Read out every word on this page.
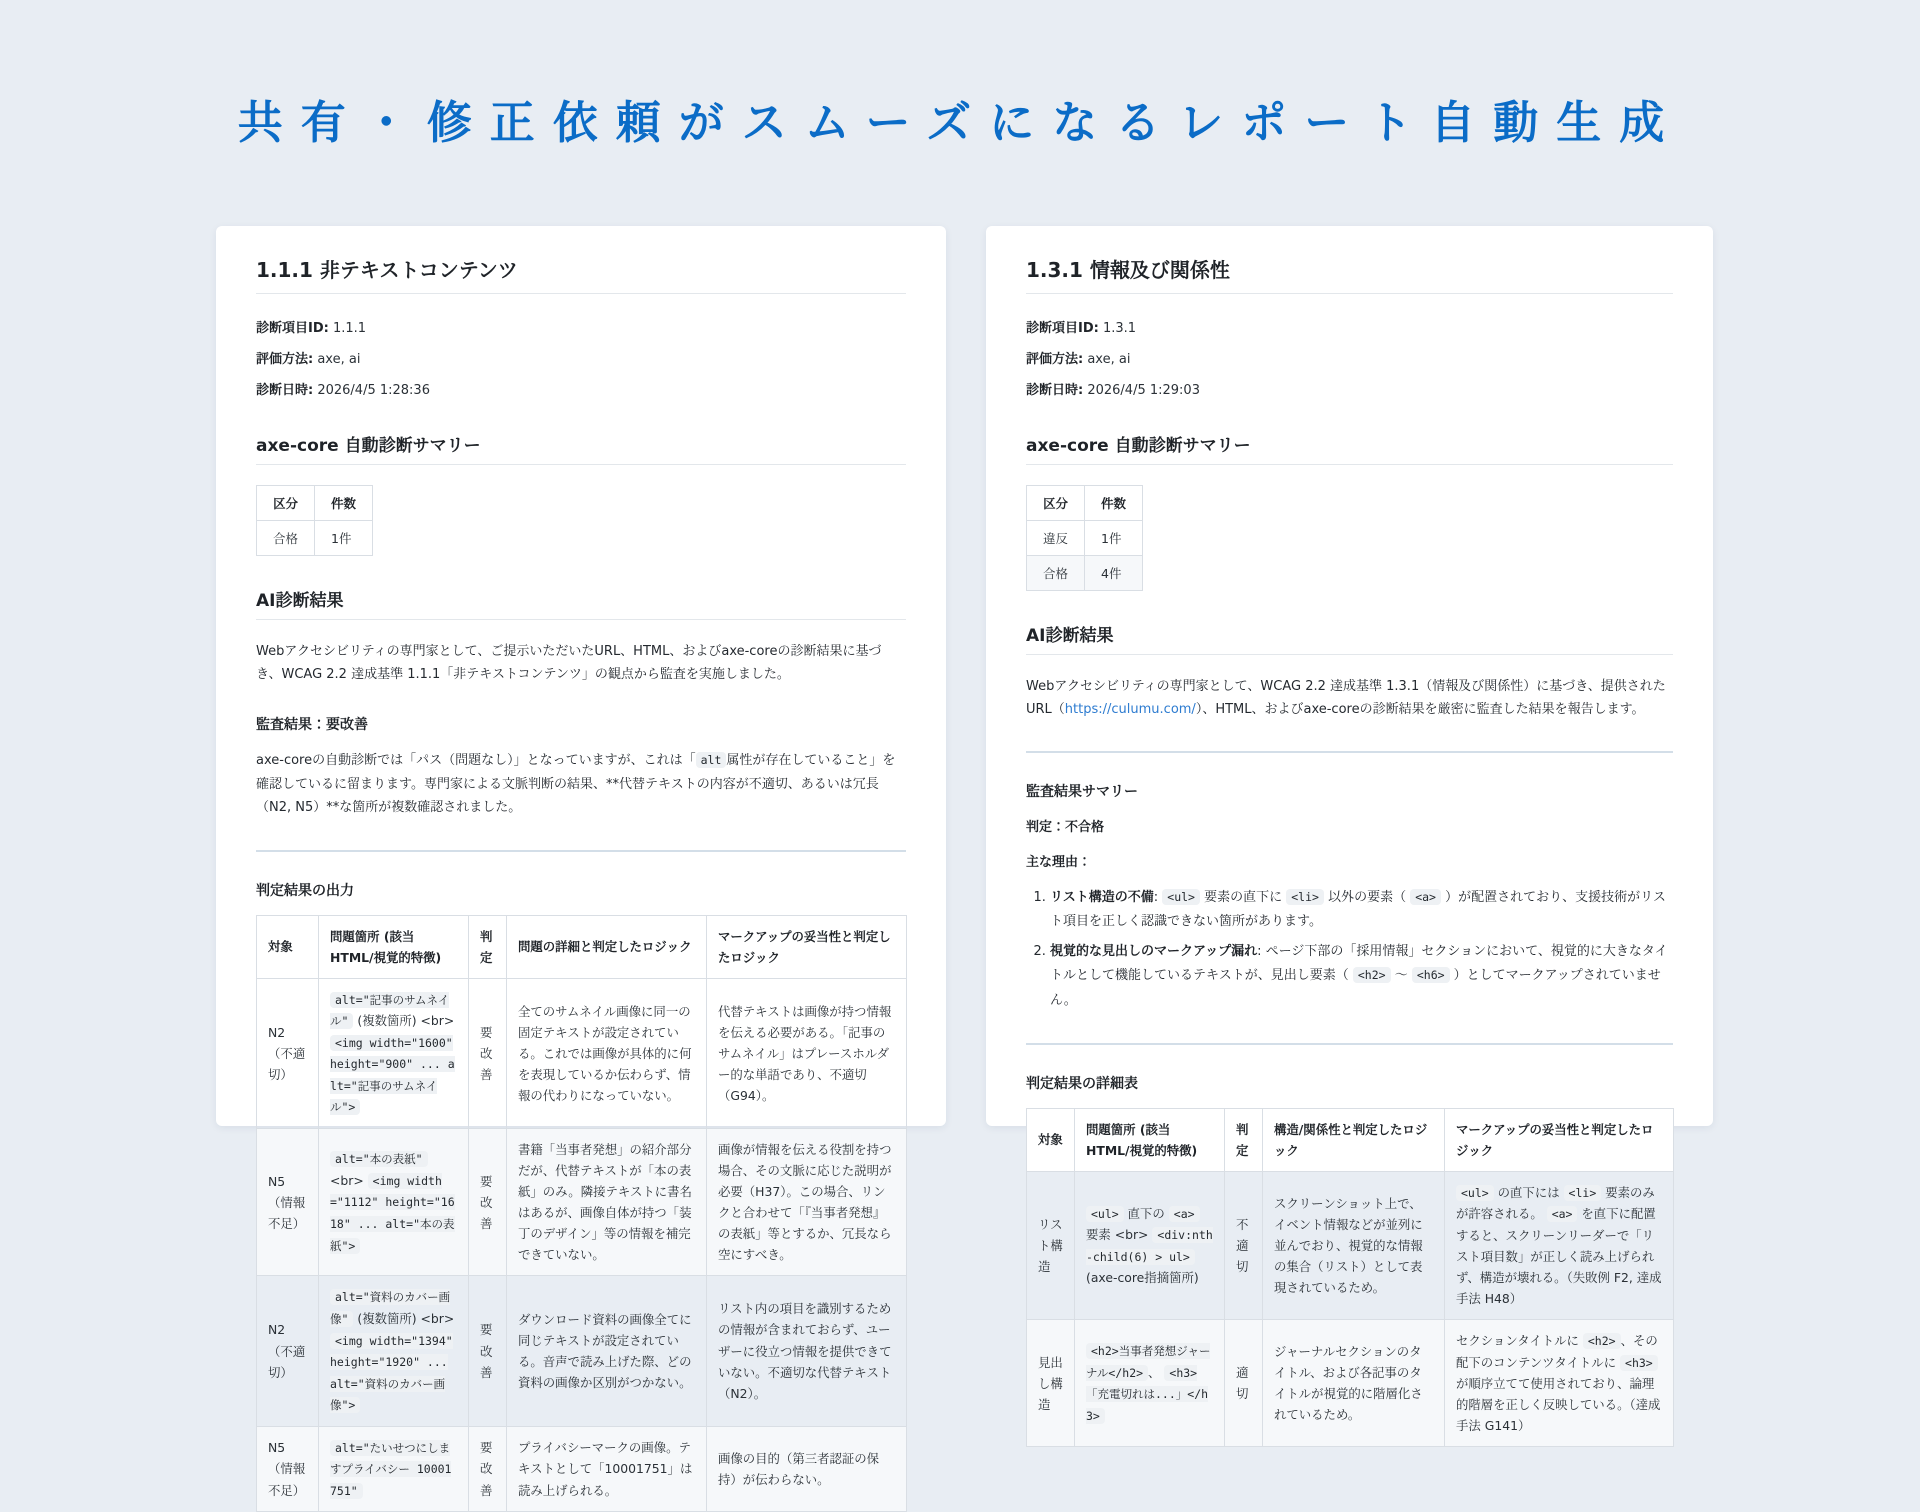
共有・修正依頼がスムーズになるレポート自動生成
1.1.1 非テキストコンテンツ
診断項目ID: 1.1.1
評価方法: axe, ai
診断日時: 2026/4/5 1:28:36
axe-core 自動診断サマリー
区分	件数
合格	1件
AI診断結果

Webアクセシビリティの専門家として、ご提示いただいたURL、HTML、およびaxe-coreの診断結果に基づき、WCAG 2.2 達成基準 1.1.1「非テキストコンテンツ」の観点から監査を実施しました。

監査結果：要改善

axe-coreの自動診断では「パス（問題なし）」となっていますが、これは「 alt 属性が存在していること」を確認しているに留まります。専門家による文脈判断の結果、**代替テキストの内容が不適切、あるいは冗長（N2, N5）**な箇所が複数確認されました。

判定結果の出力
対象	問題箇所 (該当HTML/視覚的特徴)	判定	問題の詳細と判定したロジック	マークアップの妥当性と判定したロジック
N2（不適切）	alt="記事のサムネイル" (複数箇所) <br> <img width="1600" height="900" ... alt="記事のサムネイル">	要改善	全てのサムネイル画像に同一の固定テキストが設定されている。これでは画像が具体的に何を表現しているか伝わらず、情報の代わりになっていない。	代替テキストは画像が持つ情報を伝える必要がある。「記事のサムネイル」はプレースホルダー的な単語であり、不適切（G94）。
N5（情報不足）	alt="本の表紙" <br> <img width="1112" height="1618" ... alt="本の表紙">	要改善	書籍「当事者発想」の紹介部分だが、代替テキストが「本の表紙」のみ。隣接テキストに書名はあるが、画像自体が持つ「装丁のデザイン」等の情報を補完できていない。	画像が情報を伝える役割を持つ場合、その文脈に応じた説明が必要（H37）。この場合、リンクと合わせて「『当事者発想』の表紙」等とするか、冗長なら空にすべき。
N2（不適切）	alt="資料のカバー画像" (複数箇所) <br> <img width="1394" height="1920" ... alt="資料のカバー画像">	要改善	ダウンロード資料の画像全てに同じテキストが設定されている。音声で読み上げた際、どの資料の画像か区別がつかない。	リスト内の項目を識別するための情報が含まれておらず、ユーザーに役立つ情報を提供できていない。不適切な代替テキスト（N2）。
N5（情報不足）	alt="たいせつにしますプライバシー 10001751"	要改善	プライバシーマークの画像。テキストとして「10001751」は読み上げられる。	画像の目的（第三者認証の保持）が伝わらない。
1.3.1 情報及び関係性
診断項目ID: 1.3.1
評価方法: axe, ai
診断日時: 2026/4/5 1:29:03
axe-core 自動診断サマリー
区分	件数
違反	1件
合格	4件
AI診断結果

Webアクセシビリティの専門家として、WCAG 2.2 達成基準 1.3.1（情報及び関係性）に基づき、提供されたURL（https://culumu.com/）、HTML、およびaxe-coreの診断結果を厳密に監査した結果を報告します。

監査結果サマリー

判定：不合格

主な理由：

1. リスト構造の不備: <ul> 要素の直下に <li> 以外の要素（ <a> ）が配置されており、支援技術がリスト項目を正しく認識できない箇所があります。
2. 視覚的な見出しのマークアップ漏れ: ページ下部の「採用情報」セクションにおいて、視覚的に大きなタイトルとして機能しているテキストが、見出し要素（ <h2> ～ <h6> ）としてマークアップされていません。
判定結果の詳細表
対象	問題箇所 (該当HTML/視覚的特徴)	判定	構造/関係性と判定したロジック	マークアップの妥当性と判定したロジック
リスト構造	<ul> 直下の <a> 要素 <br> <div:nth-child(6) > ul> (axe-core指摘箇所)	不適切	スクリーンショット上で、イベント情報などが並列に並んでおり、視覚的な情報の集合（リスト）として表現されているため。	<ul> の直下には <li> 要素のみが許容される。 <a> を直下に配置すると、スクリーンリーダーで「リスト項目数」が正しく読み上げられず、構造が壊れる。（失敗例 F2, 達成手法 H48）
見出し構造	<h2>当事者発想ジャーナル</h2> 、 <h3>「充電切れは...」</h3>	適切	ジャーナルセクションのタイトル、および各記事のタイトルが視覚的に階層化されているため。	セクションタイトルに <h2> 、その配下のコンテンツタイトルに <h3> が順序立てて使用されており、論理的階層を正しく反映している。（達成手法 G141）
